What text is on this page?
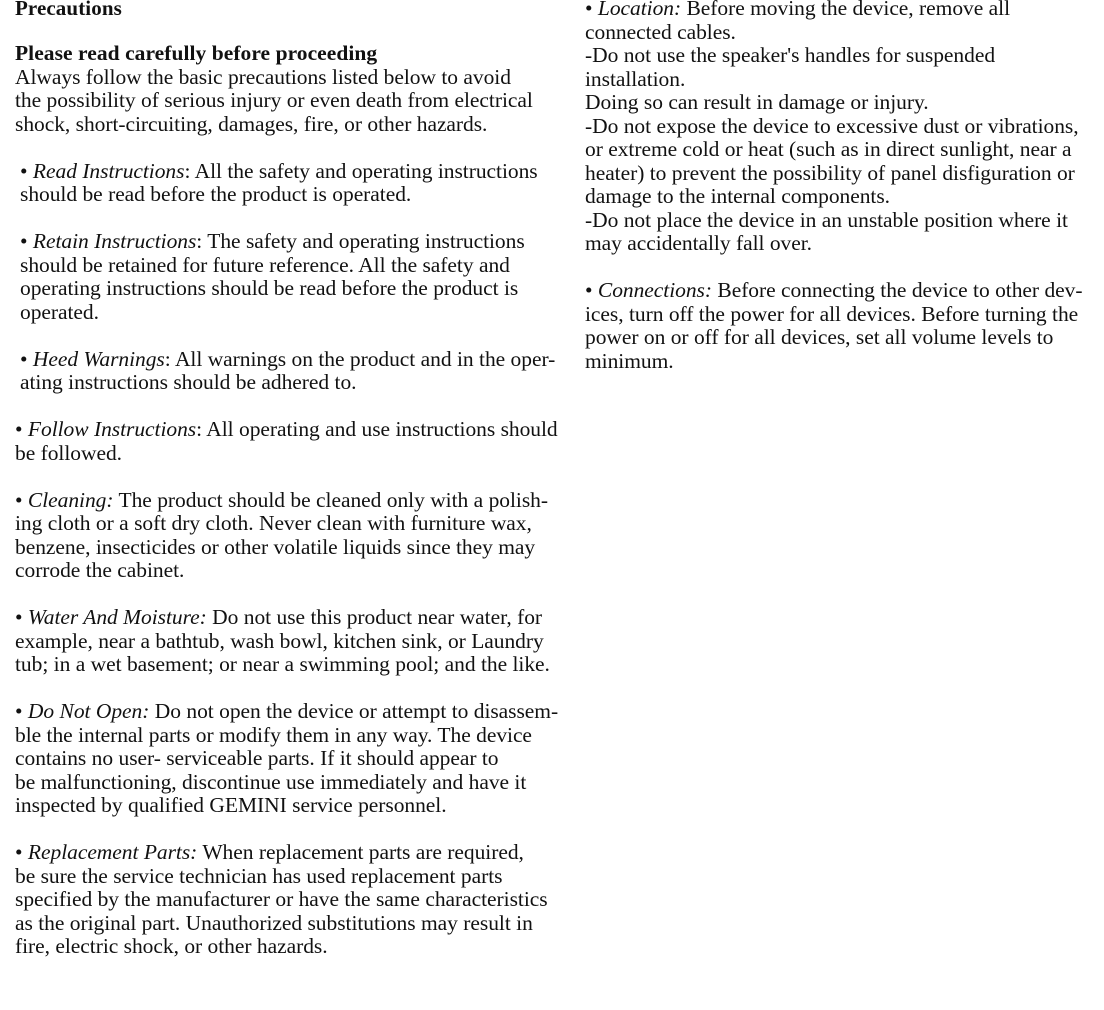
Precautions
Please read carefully before proceeding
Always follow the basic precautions listed below to avoid
the possibility of serious injury or even death from electrical
shock, short-circuiting, damages, fire, or other hazards.
• Read Instructions: All the safety and operating instructions
should be read before the product is operated.
• Retain Instructions: The safety and operating instructions
should be retained for future reference. All the safety and
operating instructions should be read before the product is
operated.
• Heed Warnings: All warnings on the product and in the oper-
ating instructions should be adhered to.
• Follow Instructions: All operating and use instructions should
be followed.
• Cleaning: The product should be cleaned only with a polish-
ing cloth or a soft dry cloth. Never clean with furniture wax,
benzene, insecticides or other volatile liquids since they may
corrode the cabinet.
• Water And Moisture: Do not use this product near water, for
example, near a bathtub, wash bowl, kitchen sink, or Laundry
tub; in a wet basement; or near a swimming pool; and the like.
• Do Not Open: Do not open the device or attempt to disassem-
ble the internal parts or modify them in any way. The device
contains no user- serviceable parts. If it should appear to
be malfunctioning, discontinue use immediately and have it
inspected by qualified GEMINI service personnel.
• Replacement Parts: When replacement parts are required,
be sure the service technician has used replacement parts
specified by the manufacturer or have the same characteristics
as the original part. Unauthorized substitutions may result in
fire, electric shock, or other hazards.
• Location: Before moving the device, remove all
connected cables.
-Do not use the speaker's handles for suspended
installation.
Doing so can result in damage or injury.
-Do not expose the device to excessive dust or vibrations,
or extreme cold or heat (such as in direct sunlight, near a
heater) to prevent the possibility of panel disfiguration or
damage to the internal components.
-Do not place the device in an unstable position where it
may accidentally fall over.
• Connections: Before connecting the device to other dev-
ices, turn off the power for all devices. Before turning the
power on or off for all devices, set all volume levels to
minimum.
